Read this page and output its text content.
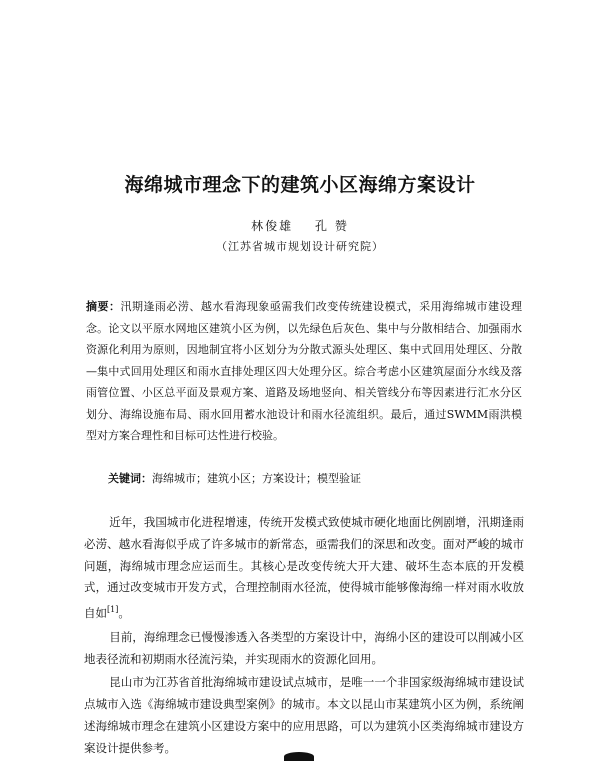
海绵城市理念下的建筑小区海绵方案设计
林俊雄 孔 赞
（江苏省城市规划设计研究院）
摘要：汛期逢雨必涝、越水看海现象亟需我们改变传统建设模式，采用海绵城市建设理念。论文以平原水网地区建筑小区为例，以先绿色后灰色、集中与分散相结合、加强雨水资源化利用为原则，因地制宜将小区划分为分散式源头处理区、集中式回用处理区、分散—集中式回用处理区和雨水直排处理区四大处理分区。综合考虑小区建筑屋面分水线及落雨管位置、小区总平面及景观方案、道路及场地竖向、相关管线分布等因素进行汇水分区划分、海绵设施布局、雨水回用蓄水池设计和雨水径流组织。最后，通过SWMM雨洪模型对方案合理性和目标可达性进行校验。
关键词：海绵城市；建筑小区；方案设计；模型验证

近年，我国城市化进程增速，传统开发模式致使城市硬化地面比例剧增，汛期逢雨必涝、越水看海似乎成了许多城市的新常态，亟需我们的深思和改变。面对严峻的城市问题，海绵城市理念应运而生。其核心是改变传统大开大建、破坏生态本底的开发模式，通过改变城市开发方式，合理控制雨水径流，使得城市能够像海绵一样对雨水收放自如[1]。

目前，海绵理念已慢慢渗透入各类型的方案设计中，海绵小区的建设可以削减小区地表径流和初期雨水径流污染，并实现雨水的资源化回用。

昆山市为江苏省首批海绵城市建设试点城市，是唯一一个非国家级海绵城市建设试点城市入选《海绵城市建设典型案例》的城市。本文以昆山市某建筑小区为例，系统阐述海绵城市理念在建筑小区建设方案中的应用思路，可以为建筑小区类海绵城市建设方案设计提供参考。
